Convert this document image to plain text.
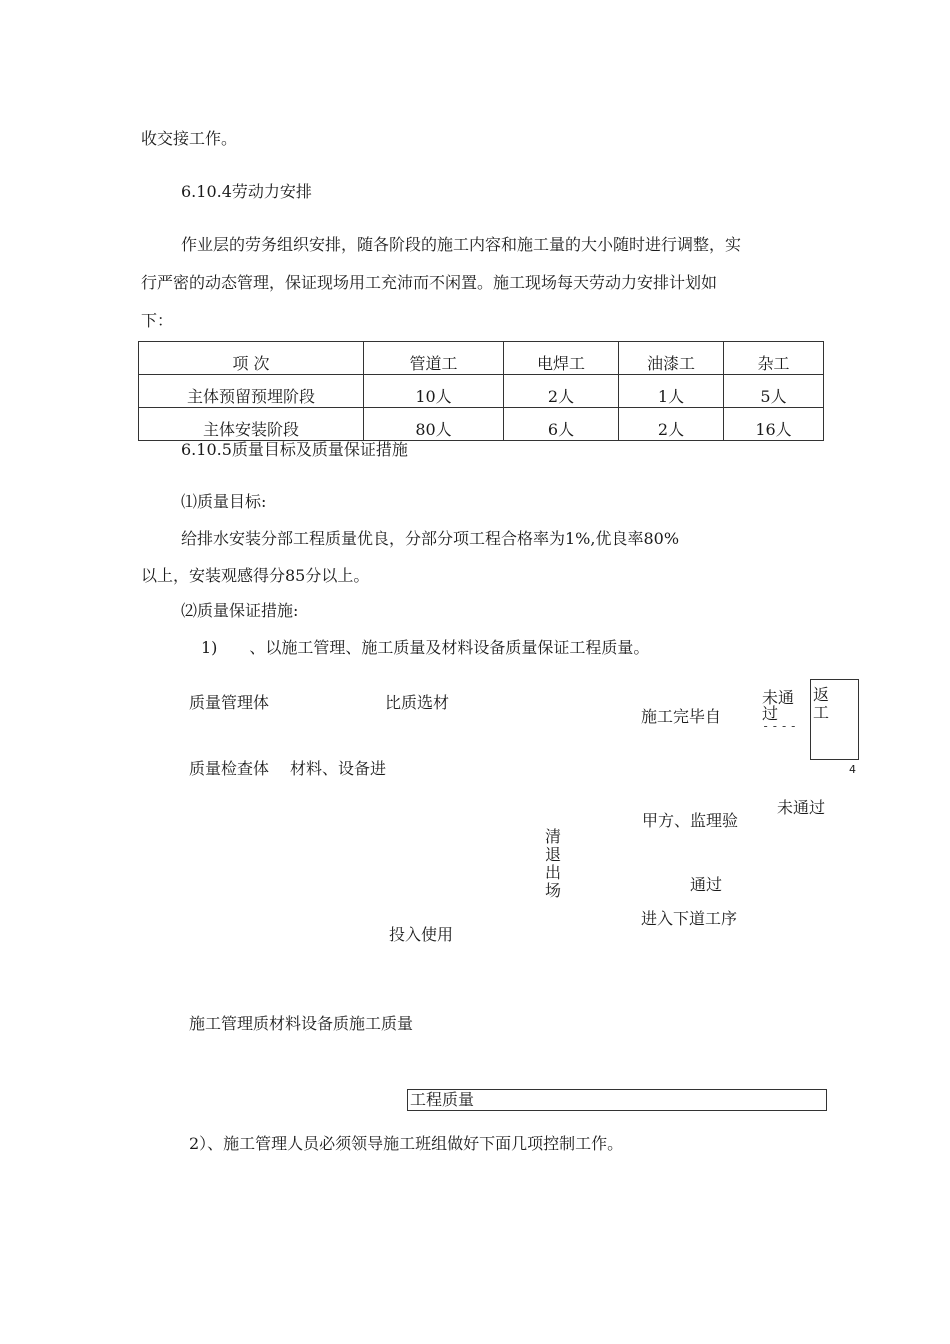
收交接工作。
6.10.4劳动力安排
作业层的劳务组织安排，随各阶段的施工内容和施工量的大小随时进行调整，实
行严密的动态管理，保证现场用工充沛而不闲置。施工现场每天劳动力安排计划如
下：
项 次	管道工	电焊工	油漆工	杂工
主体预留预埋阶段	10人	2人	1人	5人
主体安装阶段	80人	6人	2人	16人
6.10.5质量目标及质量保证措施
⑴质量目标:
给排水安装分部工程质量优良，分部分项工程合格率为1%,优良率80%
以上，安装观感得分85分以上。
⑵质量保证措施:
1)　　、以施工管理、施工质量及材料设备质量保证工程质量。
质量管理体	比质选材
施工完毕自
未通
过
----
返工
4
质量检查体 材料、设备进
甲方、监理验
未通过
清退出场	通过
进入下道工序
投入使用
施工管理质材料设备质施工质量
工程质量
2）、施工管理人员必须领导施工班组做好下面几项控制工作。
